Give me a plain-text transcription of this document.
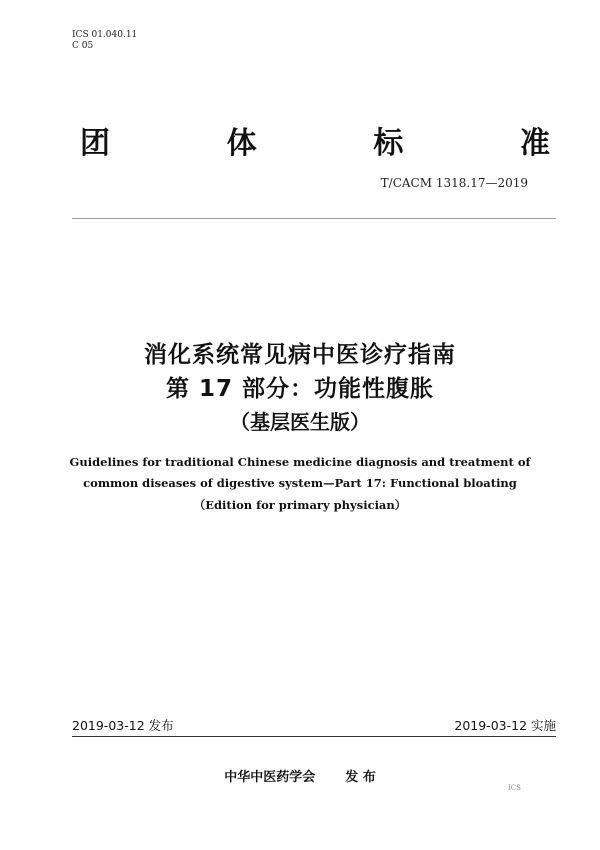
ICS 01.040.11
C 05
团	体	标	准
T/CACM 1318.17—2019
消化系统常见病中医诊疗指南
第 17 部分：功能性腹胀
（基层医生版）
Guidelines for traditional Chinese medicine diagnosis and treatment of
common diseases of digestive system—Part 17: Functional bloating
（Edition for primary physician）
2019-03-12 发布	2019-03-12 实施
中华中医药学会 发 布
ICS
